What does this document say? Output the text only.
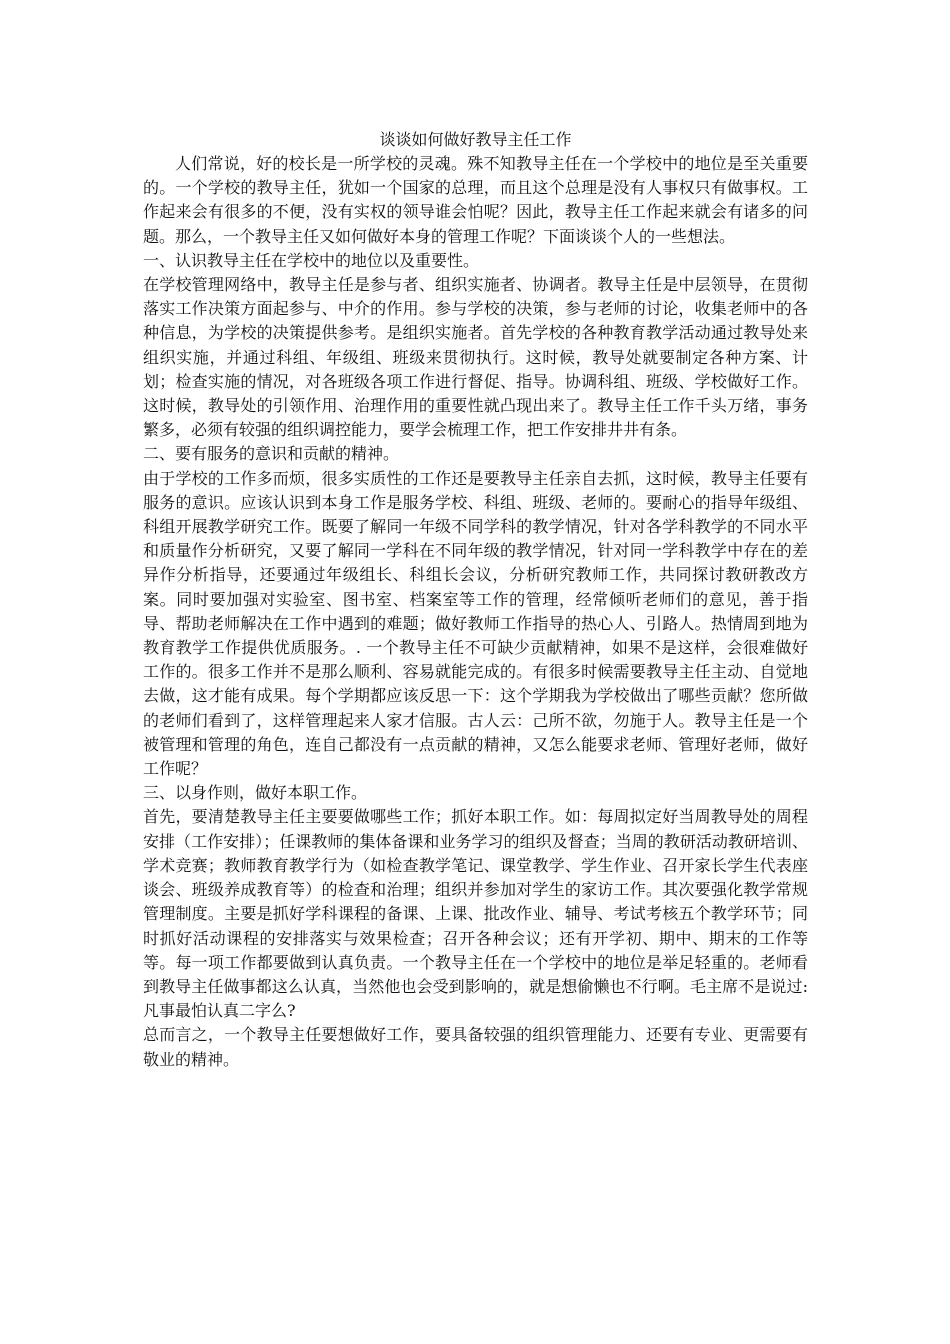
谈谈如何做好教导主任工作

人们常说，好的校长是一所学校的灵魂。殊不知教导主任在一个学校中的地位是至关重要的。一个学校的教导主任，犹如一个国家的总理，而且这个总理是没有人事权只有做事权。工作起来会有很多的不便，没有实权的领导谁会怕呢？因此，教导主任工作起来就会有诸多的问题。那么，一个教导主任又如何做好本身的管理工作呢？下面谈谈个人的一些想法。

一、认识教导主任在学校中的地位以及重要性。

在学校管理网络中，教导主任是参与者、组织实施者、协调者。教导主任是中层领导，在贯彻落实工作决策方面起参与、中介的作用。参与学校的决策，参与老师的讨论，收集老师中的各种信息，为学校的决策提供参考。是组织实施者。首先学校的各种教育教学活动通过教导处来组织实施，并通过科组、年级组、班级来贯彻执行。这时候，教导处就要制定各种方案、计划；检查实施的情况，对各班级各项工作进行督促、指导。协调科组、班级、学校做好工作。这时候，教导处的引领作用、治理作用的重要性就凸现出来了。教导主任工作千头万绪，事务繁多，必须有较强的组织调控能力，要学会梳理工作，把工作安排井井有条。

二、要有服务的意识和贡献的精神。

由于学校的工作多而烦，很多实质性的工作还是要教导主任亲自去抓，这时候，教导主任要有服务的意识。应该认识到本身工作是服务学校、科组、班级、老师的。要耐心的指导年级组、科组开展教学研究工作。既要了解同一年级不同学科的教学情况，针对各学科教学的不同水平和质量作分析研究，又要了解同一学科在不同年级的教学情况，针对同一学科教学中存在的差异作分析指导，还要通过年级组长、科组长会议，分析研究教师工作，共同探讨教研教改方案。同时要加强对实验室、图书室、档案室等工作的管理，经常倾听老师们的意见，善于指导、帮助老师解决在工作中遇到的难题；做好教师工作指导的热心人、引路人。热情周到地为教育教学工作提供优质服务。. 一个教导主任不可缺少贡献精神，如果不是这样，会很难做好工作的。很多工作并不是那么顺利、容易就能完成的。有很多时候需要教导主任主动、自觉地去做，这才能有成果。每个学期都应该反思一下：这个学期我为学校做出了哪些贡献？您所做的老师们看到了，这样管理起来人家才信服。古人云：己所不欲，勿施于人。教导主任是一个被管理和管理的角色，连自己都没有一点贡献的精神，又怎么能要求老师、管理好老师，做好工作呢？

三、以身作则，做好本职工作。

首先，要清楚教导主任主要要做哪些工作；抓好本职工作。如：每周拟定好当周教导处的周程安排（工作安排）；任课教师的集体备课和业务学习的组织及督查；当周的教研活动教研培训、学术竞赛；教师教育教学行为（如检查教学笔记、课堂教学、学生作业、召开家长学生代表座谈会、班级养成教育等）的检查和治理；组织并参加对学生的家访工作。其次要强化教学常规管理制度。主要是抓好学科课程的备课、上课、批改作业、辅导、考试考核五个教学环节；同时抓好活动课程的安排落实与效果检查；召开各种会议；还有开学初、期中、期末的工作等等。每一项工作都要做到认真负责。一个教导主任在一个学校中的地位是举足轻重的。老师看到教导主任做事都这么认真，当然他也会受到影响的，就是想偷懒也不行啊。毛主席不是说过:凡事最怕认真二字么?

总而言之，一个教导主任要想做好工作，要具备较强的组织管理能力、还要有专业、更需要有敬业的精神。
